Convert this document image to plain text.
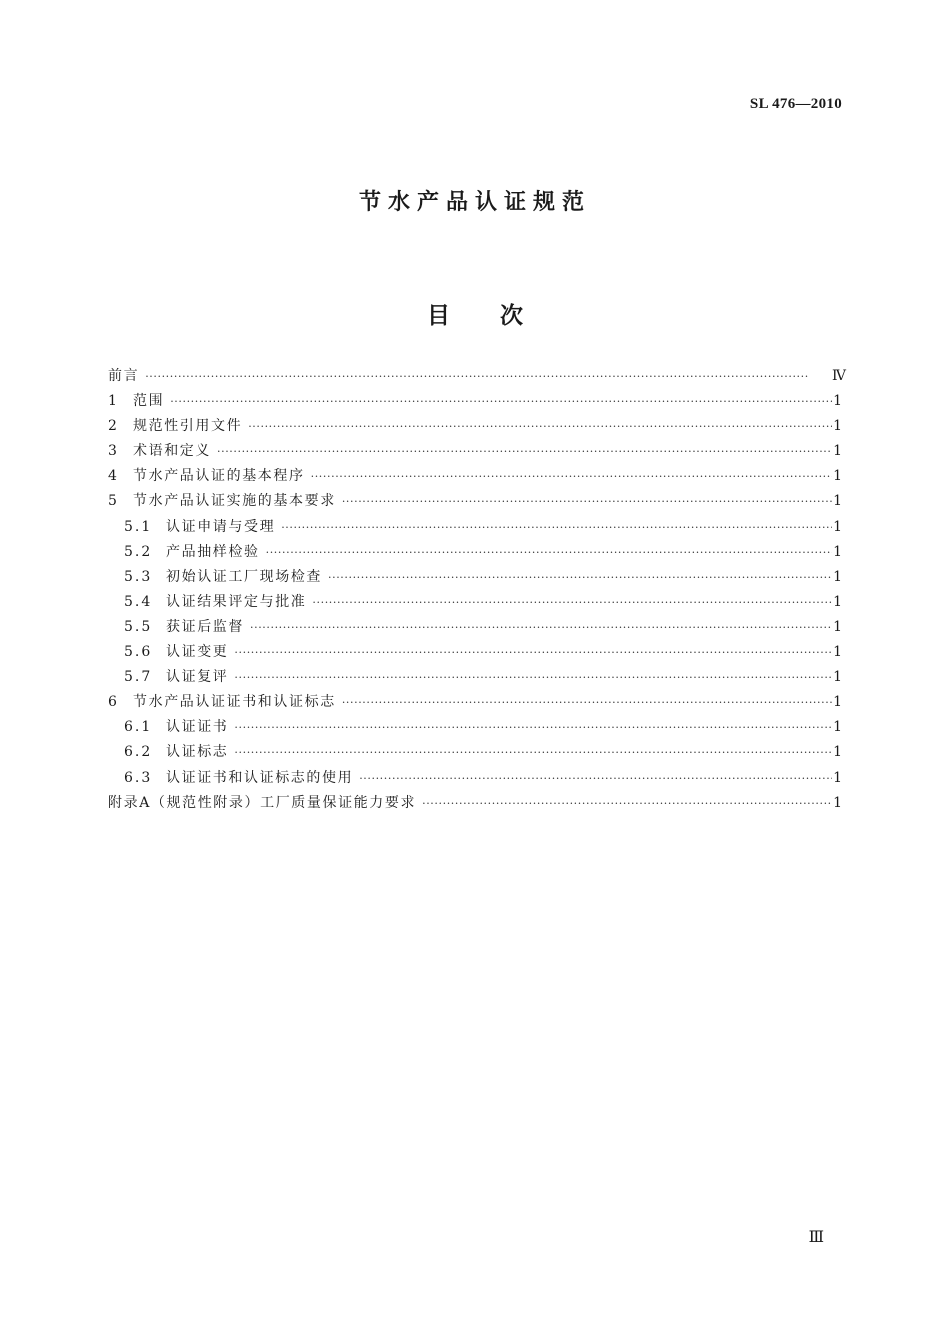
SL 476—2010
节水产品认证规范
目 次
前言 ·····	Ⅳ
1	范围 ·····	1
2	规范性引用文件 ·····	1
3	术语和定义 ·····	1
4	节水产品认证的基本程序 ·····	1
5	节水产品认证实施的基本要求 ·····	1
5.1 认证申请与受理 ·····	1
5.2 产品抽样检验 ·····	1
5.3 初始认证工厂现场检查 ·····	1
5.4 认证结果评定与批准 ·····	1
5.5 获证后监督 ·····	1
5.6 认证变更 ·····	1
5.7 认证复评 ·····	1
6	节水产品认证证书和认证标志 ·····	1
6.1 认证证书 ·····	1
6.2 认证标志 ·····	1
6.3 认证证书和认证标志的使用 ·····	1
附录A（规范性附录）工厂质量保证能力要求 ·····	1
Ⅲ
